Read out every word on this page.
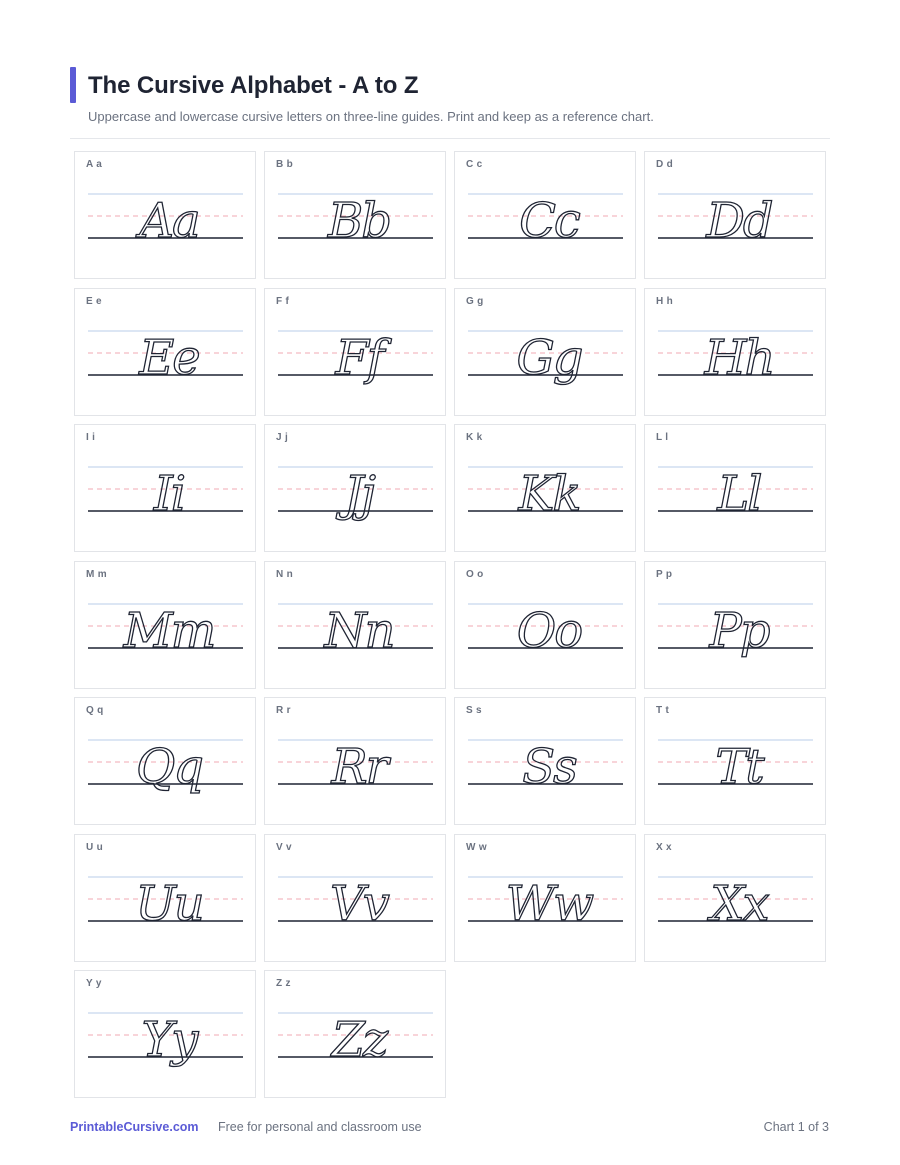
The Cursive Alphabet - A to Z

Uppercase and lowercase cursive letters on three-line guides. Print and keep as a reference chart.

A a
Aa
B b
Bb
C c
Cc
D d
Dd
E e
Ee
F f
Ff
G g
Gg
H h
Hh
I i
Ii
J j
Jj
K k
Kk
L l
Ll
M m
Mm
N n
Nn
O o
Oo
P p
Pp
Q q
Qq
R r
Rr
S s
Ss
T t
Tt
U u
Uu
V v
Vv
W w
Ww
X x
Xx
Y y
Yy
Z z
Zz
PrintableCursive.com Free for personal and classroom use	Chart 1 of 3
